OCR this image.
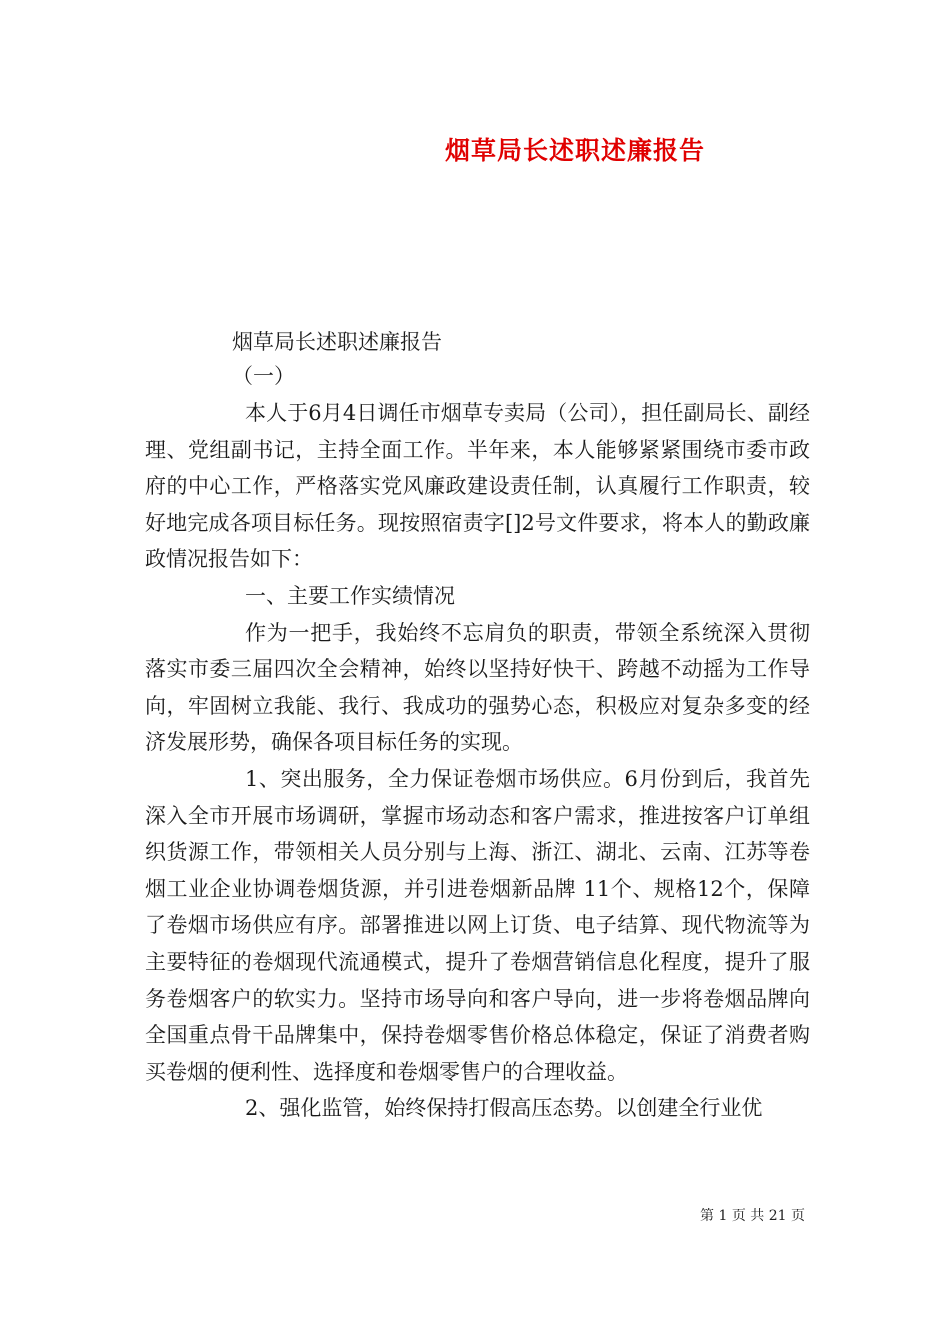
烟草局长述职述廉报告
烟草局长述职述廉报告
（一）

本人于6月4日调任市烟草专卖局（公司），担任副局长、副经理、党组副书记，主持全面工作。半年来，本人能够紧紧围绕市委市政府的中心工作，严格落实党风廉政建设责任制，认真履行工作职责，较好地完成各项目标任务。现按照宿责字[]2号文件要求，将本人的勤政廉政情况报告如下：

一、主要工作实绩情况

作为一把手，我始终不忘肩负的职责，带领全系统深入贯彻落实市委三届四次全会精神，始终以坚持好快干、跨越不动摇为工作导向，牢固树立我能、我行、我成功的强势心态，积极应对复杂多变的经济发展形势，确保各项目标任务的实现。

1、突出服务，全力保证卷烟市场供应。6月份到后，我首先深入全市开展市场调研，掌握市场动态和客户需求，推进按客户订单组织货源工作，带领相关人员分别与上海、浙江、湖北、云南、江苏等卷烟工业企业协调卷烟货源，并引进卷烟新品牌 11个、规格12个，保障了卷烟市场供应有序。部署推进以网上订货、电子结算、现代物流等为主要特征的卷烟现代流通模式，提升了卷烟营销信息化程度，提升了服务卷烟客户的软实力。坚持市场导向和客户导向，进一步将卷烟品牌向全国重点骨干品牌集中，保持卷烟零售价格总体稳定，保证了消费者购买卷烟的便利性、选择度和卷烟零售户的合理收益。

2、强化监管，始终保持打假高压态势。以创建全行业优

第 1 页 共 21 页
